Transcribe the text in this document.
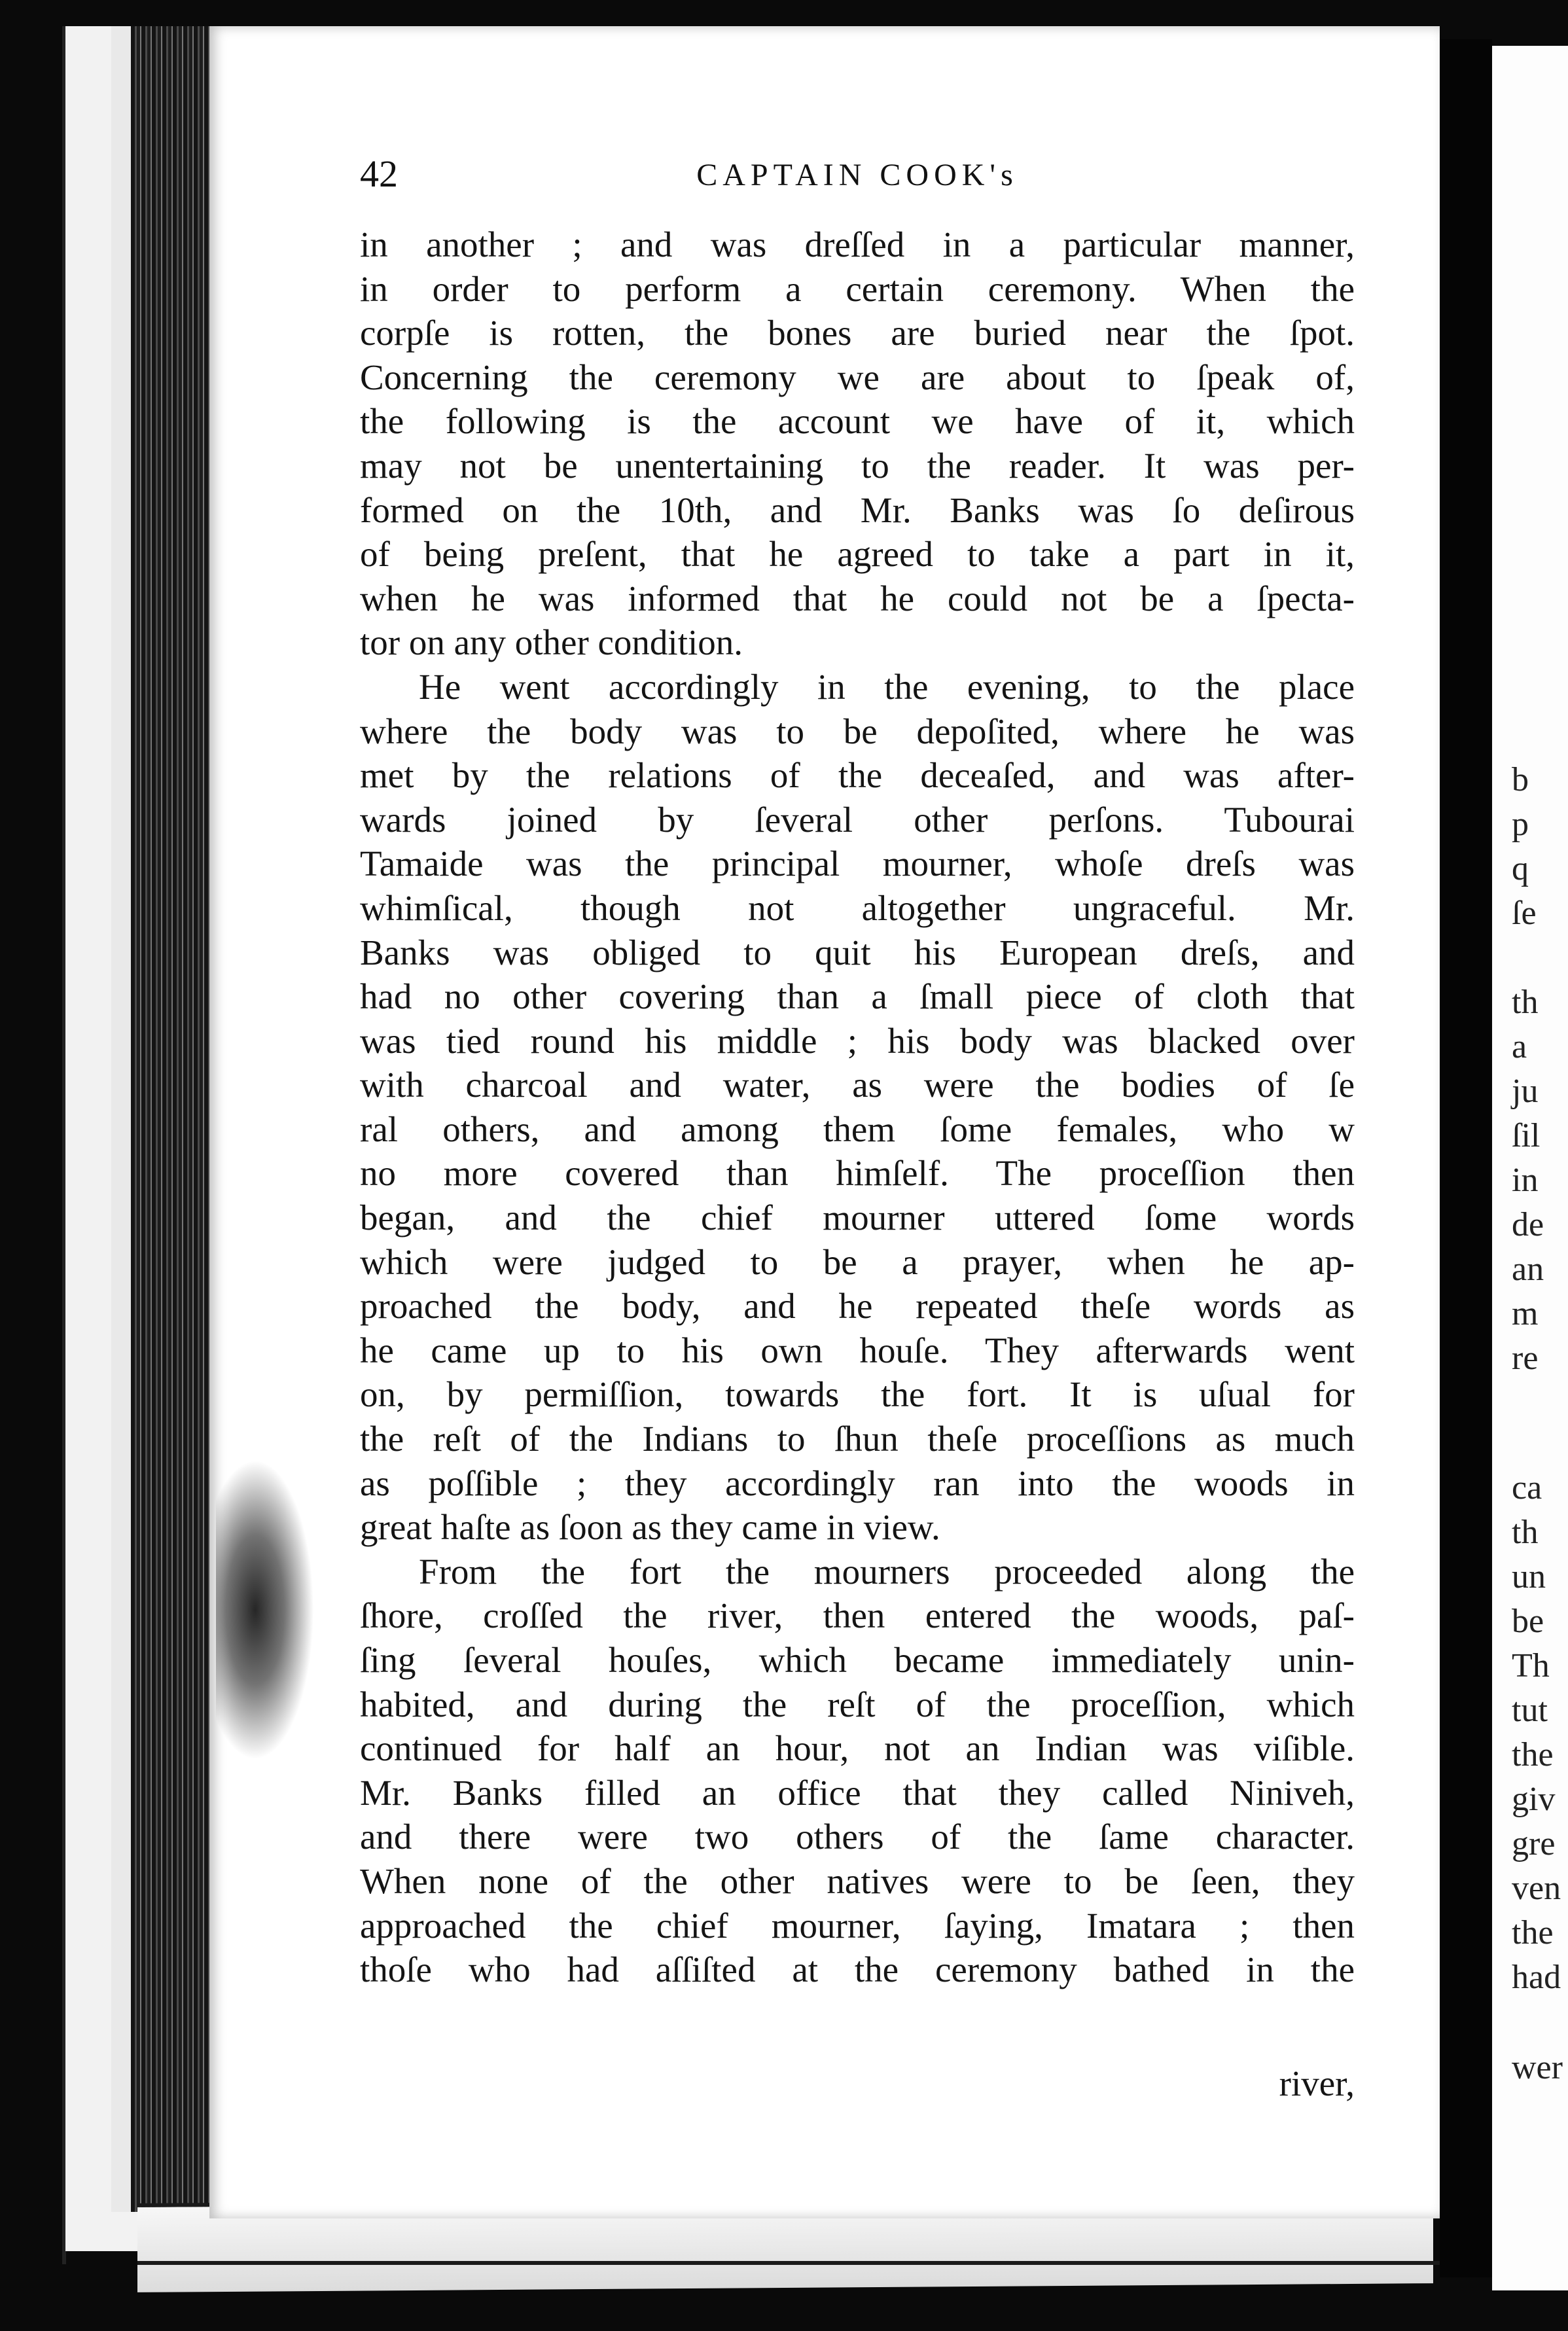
42	CAPTAIN COOK's
in another ; and was dreſſed in a particular manner,
in order to perform a certain ceremony. When the
corpſe is rotten, the bones are buried near the ſpot.
Concerning the ceremony we are about to ſpeak of,
the following is the account we have of it, which
may not be unentertaining to the reader. It was per-
formed on the 10th, and Mr. Banks was ſo deſirous
of being preſent, that he agreed to take a part in it,
when he was informed that he could not be a ſpecta-
tor on any other condition.
He went accordingly in the evening, to the place
where the body was to be depoſited, where he was
met by the relations of the deceaſed, and was after-
wards joined by ſeveral other perſons. Tubourai
Tamaide was the principal mourner, whoſe dreſs was
whimſical, though not altogether ungraceful. Mr.
Banks was obliged to quit his European dreſs, and
had no other covering than a ſmall piece of cloth that
was tied round his middle ; his body was blacked over
with charcoal and water, as were the bodies of ſe
ral others, and among them ſome females, who w
no more covered than himſelf. The proceſſion then
began, and the chief mourner uttered ſome words
which were judged to be a prayer, when he ap-
proached the body, and he repeated theſe words as
he came up to his own houſe. They afterwards went
on, by permiſſion, towards the fort. It is uſual for
the reſt of the Indians to ſhun theſe proceſſions as much
as poſſible ; they accordingly ran into the woods in
great haſte as ſoon as they came in view.
From the fort the mourners proceeded along the
ſhore, croſſed the river, then entered the woods, paſ-
ſing ſeveral houſes, which became immediately unin-
habited, and during the reſt of the proceſſion, which
continued for half an hour, not an Indian was viſible.
Mr. Banks filled an office that they called Niniveh,
and there were two others of the ſame character.
When none of the other natives were to be ſeen, they
approached the chief mourner, ſaying, Imatara ; then
thoſe who had aſſiſted at the ceremony bathed in the
river,
b
p
q
ſe
th
a
ju
ſil
in
de
an
m
re
ca
th
un
be
Th
tut
the
giv
gre
ven
the
had
wer
